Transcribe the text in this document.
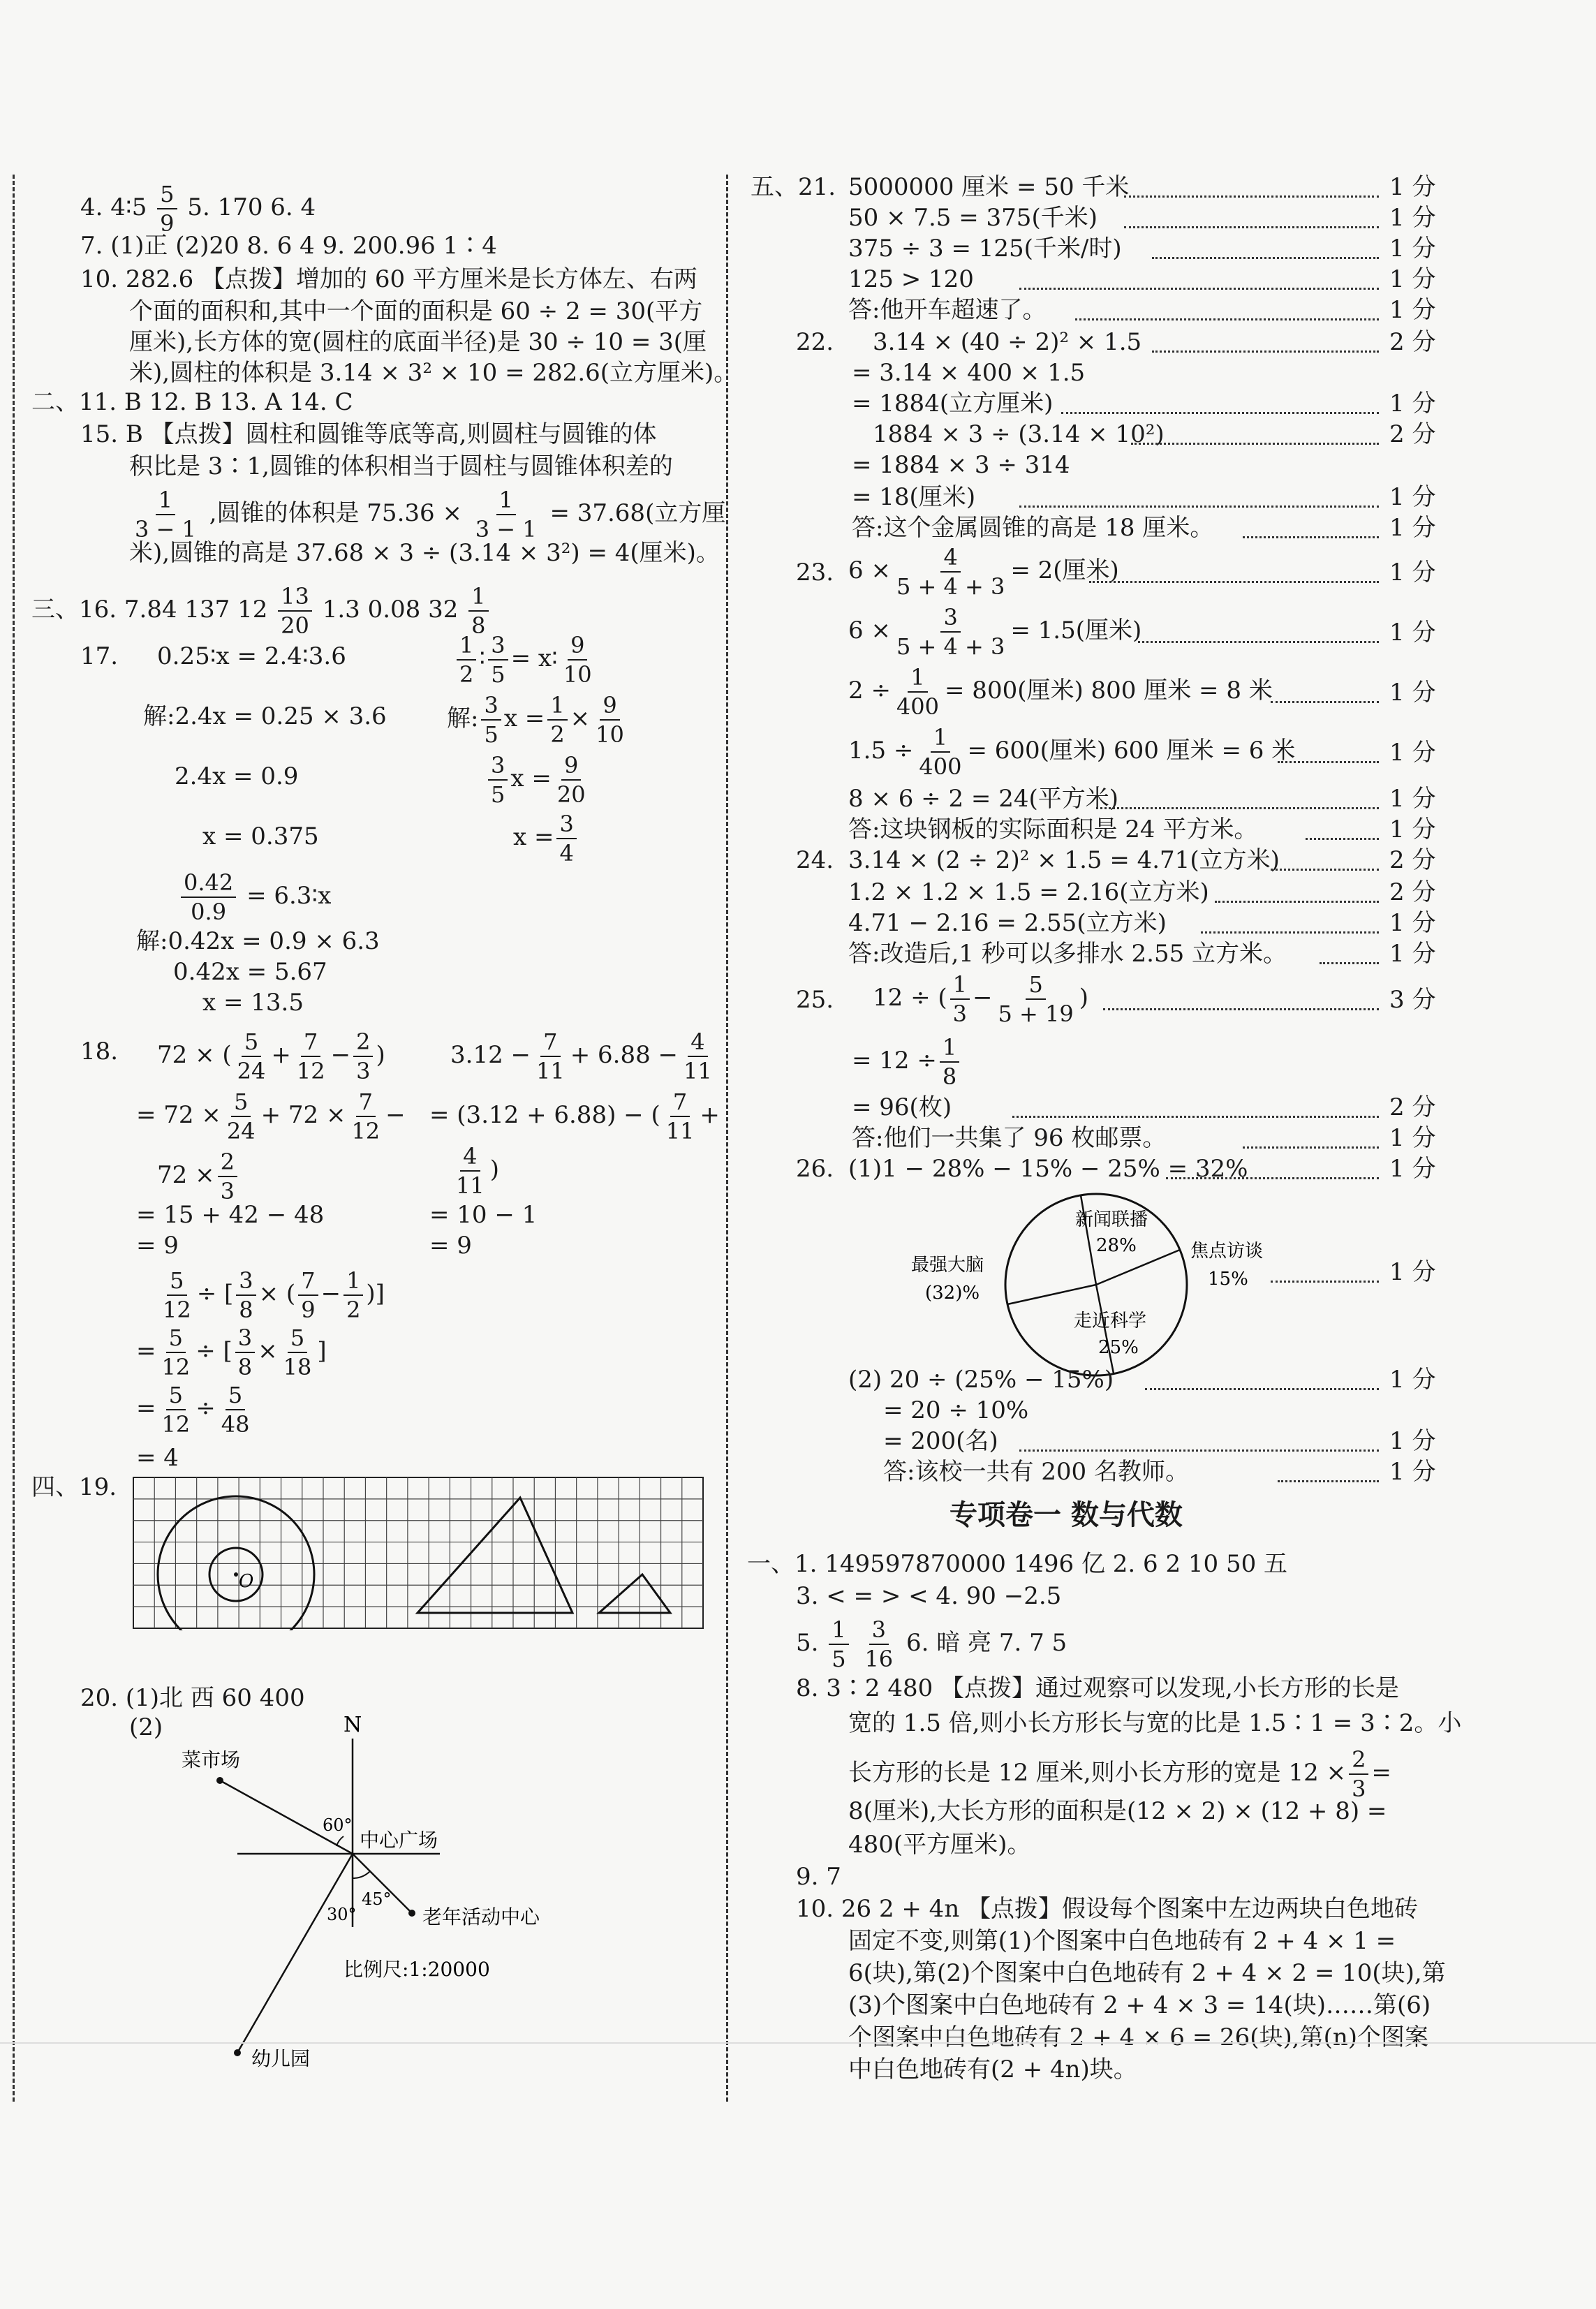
4. 4∶5 $\frac{5}{9} 5$. 170 6. 4
7. (1)正 (2)20 8. 6 4 9. 200.96 1∶4
10. 282.6 【点拨】增加的 60 平方厘米是长方体左、右两
个面的面积和,其中一个面的面积是 60 ÷ 2 = 30(平方
厘米),长方体的宽(圆柱的底面半径)是 30 ÷ 10 = 3(厘
米),圆柱的体积是 3.14 × 3² × 10 = 282.6(立方厘米)。
二、11. B 12. B 13. A 14. C
15. B 【点拨】圆柱和圆锥等底等高,则圆柱与圆锥的体
积比是 3∶1,圆锥的体积相当于圆柱与圆锥体积差的
$\frac{1}{3 - 1}$ ,圆锥的体积是 $75.36 \times \frac{1}{3 - 1} = 37.68$(立方厘
米),圆锥的高是 37.68 × 3 ÷ (3.14 × 3²) = 4(厘米)。
三、16. 7.84 137 $12 \frac{13}{20} 1.3$ 0.08 $32 \frac{1}{8}$
17. 0.25∶x = 2.4∶3.6
解:2.4x = 0.25 × 3.6
2.4x = 0.9
x = 0.375
$\frac{0.42}{0.9}$ = 6.3∶x
解:0.42x = 0.9 × 6.3
0.42x = 5.67
x = 13.5
$\frac{1}{2}$ ∶ $\frac{3}{5}$ = x∶ $\frac{9}{10}$
解: $\frac{3}{5}$ $x = \frac{1}{2} \times \frac{9}{10}$
$\frac{3}{5}$ $x = \frac{9}{20}$
$x = \frac{3}{4}$
18. 72 × ( $\frac{5}{24} + \frac{7}{12} - \frac{2}{3}$ )
= $72 \times \frac{5}{24} + 72 \times \frac{7}{12}$ −
$72 \times \frac{2}{3}$
= 15 + 42 − 48
= 9
$3.12 - \frac{7}{11} + 6.88 - \frac{4}{11}$
= (3.12 + 6.88) − ( $\frac{7}{11}$ +
$\frac{4}{11}$ )
= 10 − 1
= 9
$\frac{5}{12}$ ÷ [ $\frac{3}{8}$ × ( $\frac{7}{9} - \frac{1}{2}$ )]
= $\frac{5}{12}$ ÷ [ $\frac{3}{8} \times \frac{5}{18}$ ]
= $\frac{5}{12} \div \frac{5}{48}$
= 4
四、19.
O
20. (1)北 西 60 400
(2)	N
菜市场
中心广场
60°
老年活动中心
45°
幼儿园
30°
比例尺:1:20000
五、21. 5000000 厘米 = 50 千米
50 × 7.5 = 375(千米)
375 ÷ 3 = 125(千米/时)
125 > 120
答:他开车超速了。
22. 3.14 × (40 ÷ 2)² × 1.5
= 3.14 × 400 × 1.5
= 1884(立方厘米)
1884 × 3 ÷ (3.14 × 10²)
= 1884 × 3 ÷ 314
= 18(厘米)
答:这个金属圆锥的高是 18 厘米。
23. $6 \times \frac{4}{5 + 4 + 3} = 2$(厘米)
$6 \times \frac{3}{5 + 4 + 3} = 1.5$(厘米)
$2 \div \frac{1}{400} = 800$(厘米) 800 厘米 = 8 米
$1.5 \div \frac{1}{400} = 600$(厘米) 600 厘米 = 6 米
8 × 6 ÷ 2 = 24(平方米)
答:这块钢板的实际面积是 24 平方米。
24. 3.14 × (2 ÷ 2)² × 1.5 = 4.71(立方米)
1.2 × 1.2 × 1.5 = 2.16(立方米)
4.71 − 2.16 = 2.55(立方米)
答:改造后,1 秒可以多排水 2.55 立方米。
25. 12 ÷ ( $\frac{1}{3} - \frac{5}{5 + 19}$ )
= $12 \div \frac{1}{8}$
= 96(枚)
答:他们一共集了 96 枚邮票。
26. (1)1 − 28% − 15% − 25% = 32%
新闻联播
28%	焦点访谈
15%
走近科学
25%
最强大脑
(32)%
(2) 20 ÷ (25% − 15%)
= 20 ÷ 10%
= 200(名)
答:该校一共有 200 名教师。
1 分
1 分
1 分
1 分
1 分
2 分
1 分
2 分
1 分
1 分
1 分
1 分
1 分
1 分
1 分
1 分
2 分
2 分
1 分
1 分
3 分
2 分
1 分
1 分
1 分
1 分
1 分
1 分
专项卷一 数与代数
一、1. 149597870000 1496 亿 2. 6 2 10 50 五
3. < = > < 4. 90 −2.5
5. $\frac{1}{5}$
$\frac{3}{16} 6$. 暗 亮 7. 7 5
8. 3∶2 480 【点拨】通过观察可以发现,小长方形的长是
宽的 1.5 倍,则小长方形长与宽的比是 1.5∶1 = 3∶2。小
长方形的长是 12 厘米,则小长方形的宽是 $12 \times \frac{2}{3}$ =
8(厘米),大长方形的面积是(12 × 2) × (12 + 8) =
480(平方厘米)。
9. 7
10. 26 2 + 4n 【点拨】假设每个图案中左边两块白色地砖
固定不变,则第(1)个图案中白色地砖有 2 + 4 × 1 =
6(块),第(2)个图案中白色地砖有 2 + 4 × 2 = 10(块),第
(3)个图案中白色地砖有 2 + 4 × 3 = 14(块)……第(6)
个图案中白色地砖有 2 + 4 × 6 = 26(块),第(n)个图案
中白色地砖有(2 + 4n)块。
